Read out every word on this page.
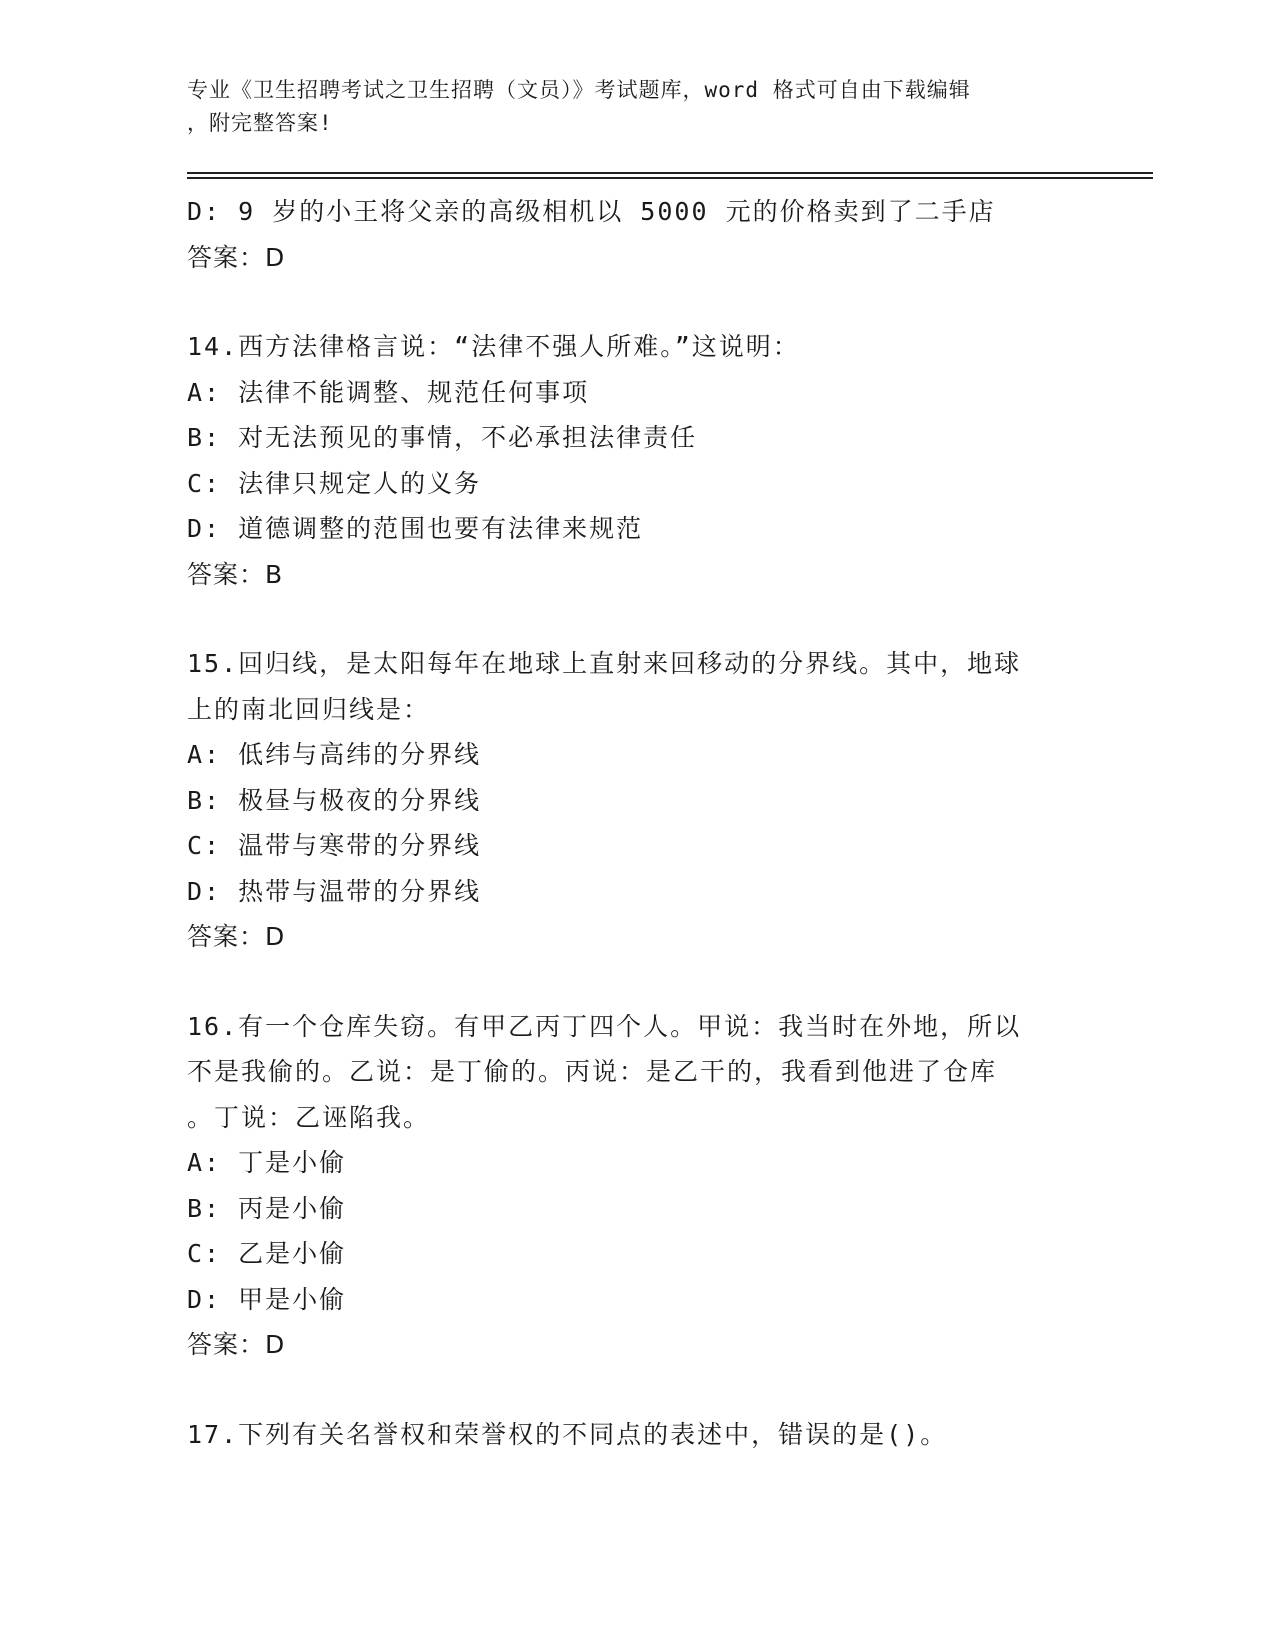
专业《卫生招聘考试之卫生招聘（文员）》考试题库，word 格式可自由下载编辑
，附完整答案!
D: 9 岁的小王将父亲的高级相机以 5000 元的价格卖到了二手店
答案：D
14.西方法律格言说：“法律不强人所难。”这说明：
A: 法律不能调整、规范任何事项
B: 对无法预见的事情，不必承担法律责任
C: 法律只规定人的义务
D: 道德调整的范围也要有法律来规范
答案：B
15.回归线，是太阳每年在地球上直射来回移动的分界线。其中，地球
上的南北回归线是：
A: 低纬与高纬的分界线
B: 极昼与极夜的分界线
C: 温带与寒带的分界线
D: 热带与温带的分界线
答案：D
16.有一个仓库失窃。有甲乙丙丁四个人。甲说：我当时在外地，所以
不是我偷的。乙说：是丁偷的。丙说：是乙干的，我看到他进了仓库
。丁说：乙诬陷我。
A: 丁是小偷
B: 丙是小偷
C: 乙是小偷
D: 甲是小偷
答案：D
17.下列有关名誉权和荣誉权的不同点的表述中，错误的是()。
